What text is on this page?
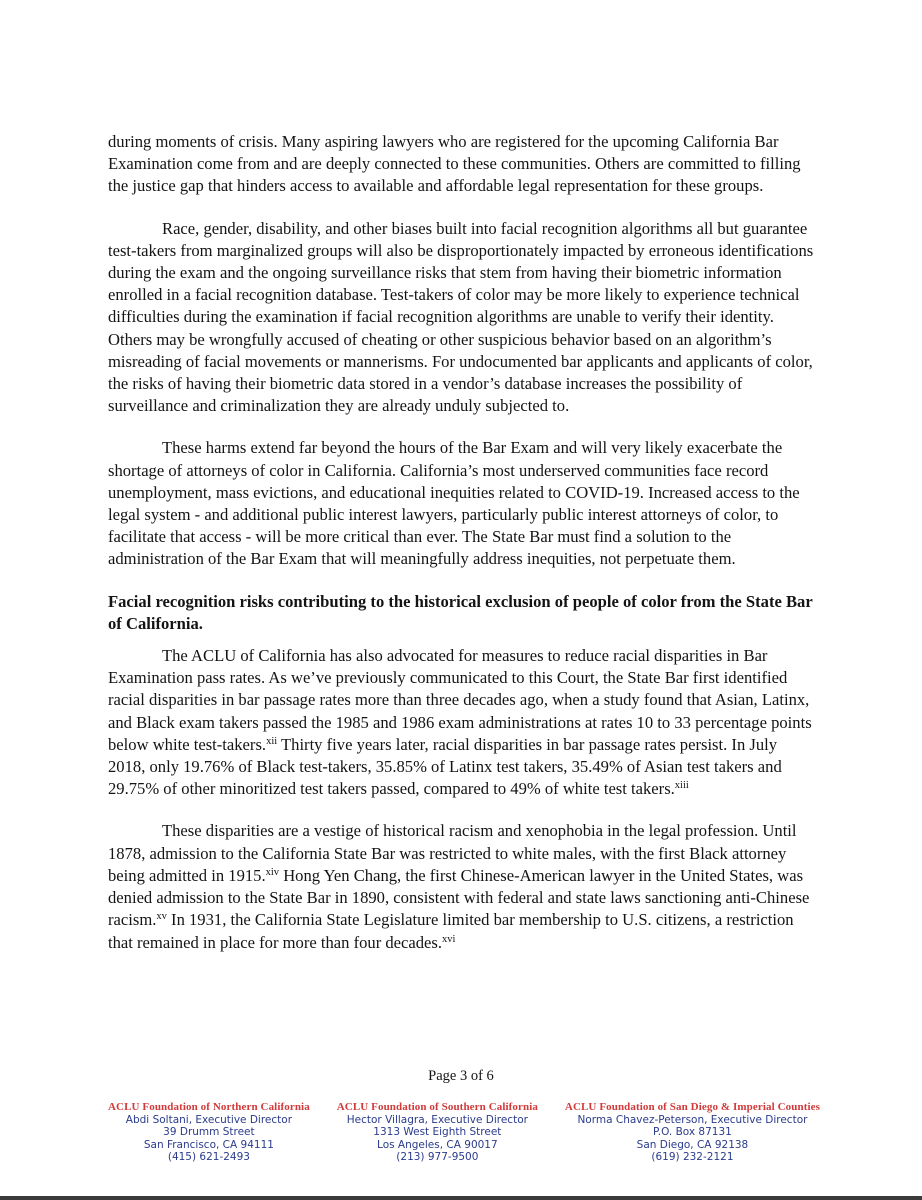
during moments of crisis. Many aspiring lawyers who are registered for the upcoming California Bar Examination come from and are deeply connected to these communities. Others are committed to filling the justice gap that hinders access to available and affordable legal representation for these groups.

Race, gender, disability, and other biases built into facial recognition algorithms all but guarantee test-takers from marginalized groups will also be disproportionately impacted by erroneous identifications during the exam and the ongoing surveillance risks that stem from having their biometric information enrolled in a facial recognition database. Test-takers of color may be more likely to experience technical difficulties during the examination if facial recognition algorithms are unable to verify their identity. Others may be wrongfully accused of cheating or other suspicious behavior based on an algorithm’s misreading of facial movements or mannerisms. For undocumented bar applicants and applicants of color, the risks of having their biometric data stored in a vendor’s database increases the possibility of surveillance and criminalization they are already unduly subjected to.

These harms extend far beyond the hours of the Bar Exam and will very likely exacerbate the shortage of attorneys of color in California. California’s most underserved communities face record unemployment, mass evictions, and educational inequities related to COVID-19. Increased access to the legal system - and additional public interest lawyers, particularly public interest attorneys of color, to facilitate that access - will be more critical than ever. The State Bar must find a solution to the administration of the Bar Exam that will meaningfully address inequities, not perpetuate them.

Facial recognition risks contributing to the historical exclusion of people of color from the State Bar of California.

The ACLU of California has also advocated for measures to reduce racial disparities in Bar Examination pass rates. As we’ve previously communicated to this Court, the State Bar first identified racial disparities in bar passage rates more than three decades ago, when a study found that Asian, Latinx, and Black exam takers passed the 1985 and 1986 exam administrations at rates 10 to 33 percentage points below white test-takers.$^{xii}$ Thirty five years later, racial disparities in bar passage rates persist. In July 2018, only 19.76% of Black test-takers, 35.85% of Latinx test takers, 35.49% of Asian test takers and 29.75% of other minoritized test takers passed, compared to 49% of white test takers.$^{xiii}$

These disparities are a vestige of historical racism and xenophobia in the legal profession. Until 1878, admission to the California State Bar was restricted to white males, with the first Black attorney being admitted in 1915.$^{xiv}$ Hong Yen Chang, the first Chinese-American lawyer in the United States, was denied admission to the State Bar in 1890, consistent with federal and state laws sanctioning anti-Chinese racism.$^{xv}$ In 1931, the California State Legislature limited bar membership to U.S. citizens, a restriction that remained in place for more than four decades.$^{xvi}$

Page 3 of 6
ACLU Foundation of Northern California
Abdi Soltani, Executive Director
39 Drumm Street
San Francisco, CA 94111
(415) 621-2493
ACLU Foundation of Southern California
Hector Villagra, Executive Director
1313 West Eighth Street
Los Angeles, CA 90017
(213) 977-9500
ACLU Foundation of San Diego & Imperial Counties
Norma Chavez-Peterson, Executive Director
P.O. Box 87131
San Diego, CA 92138
(619) 232-2121
